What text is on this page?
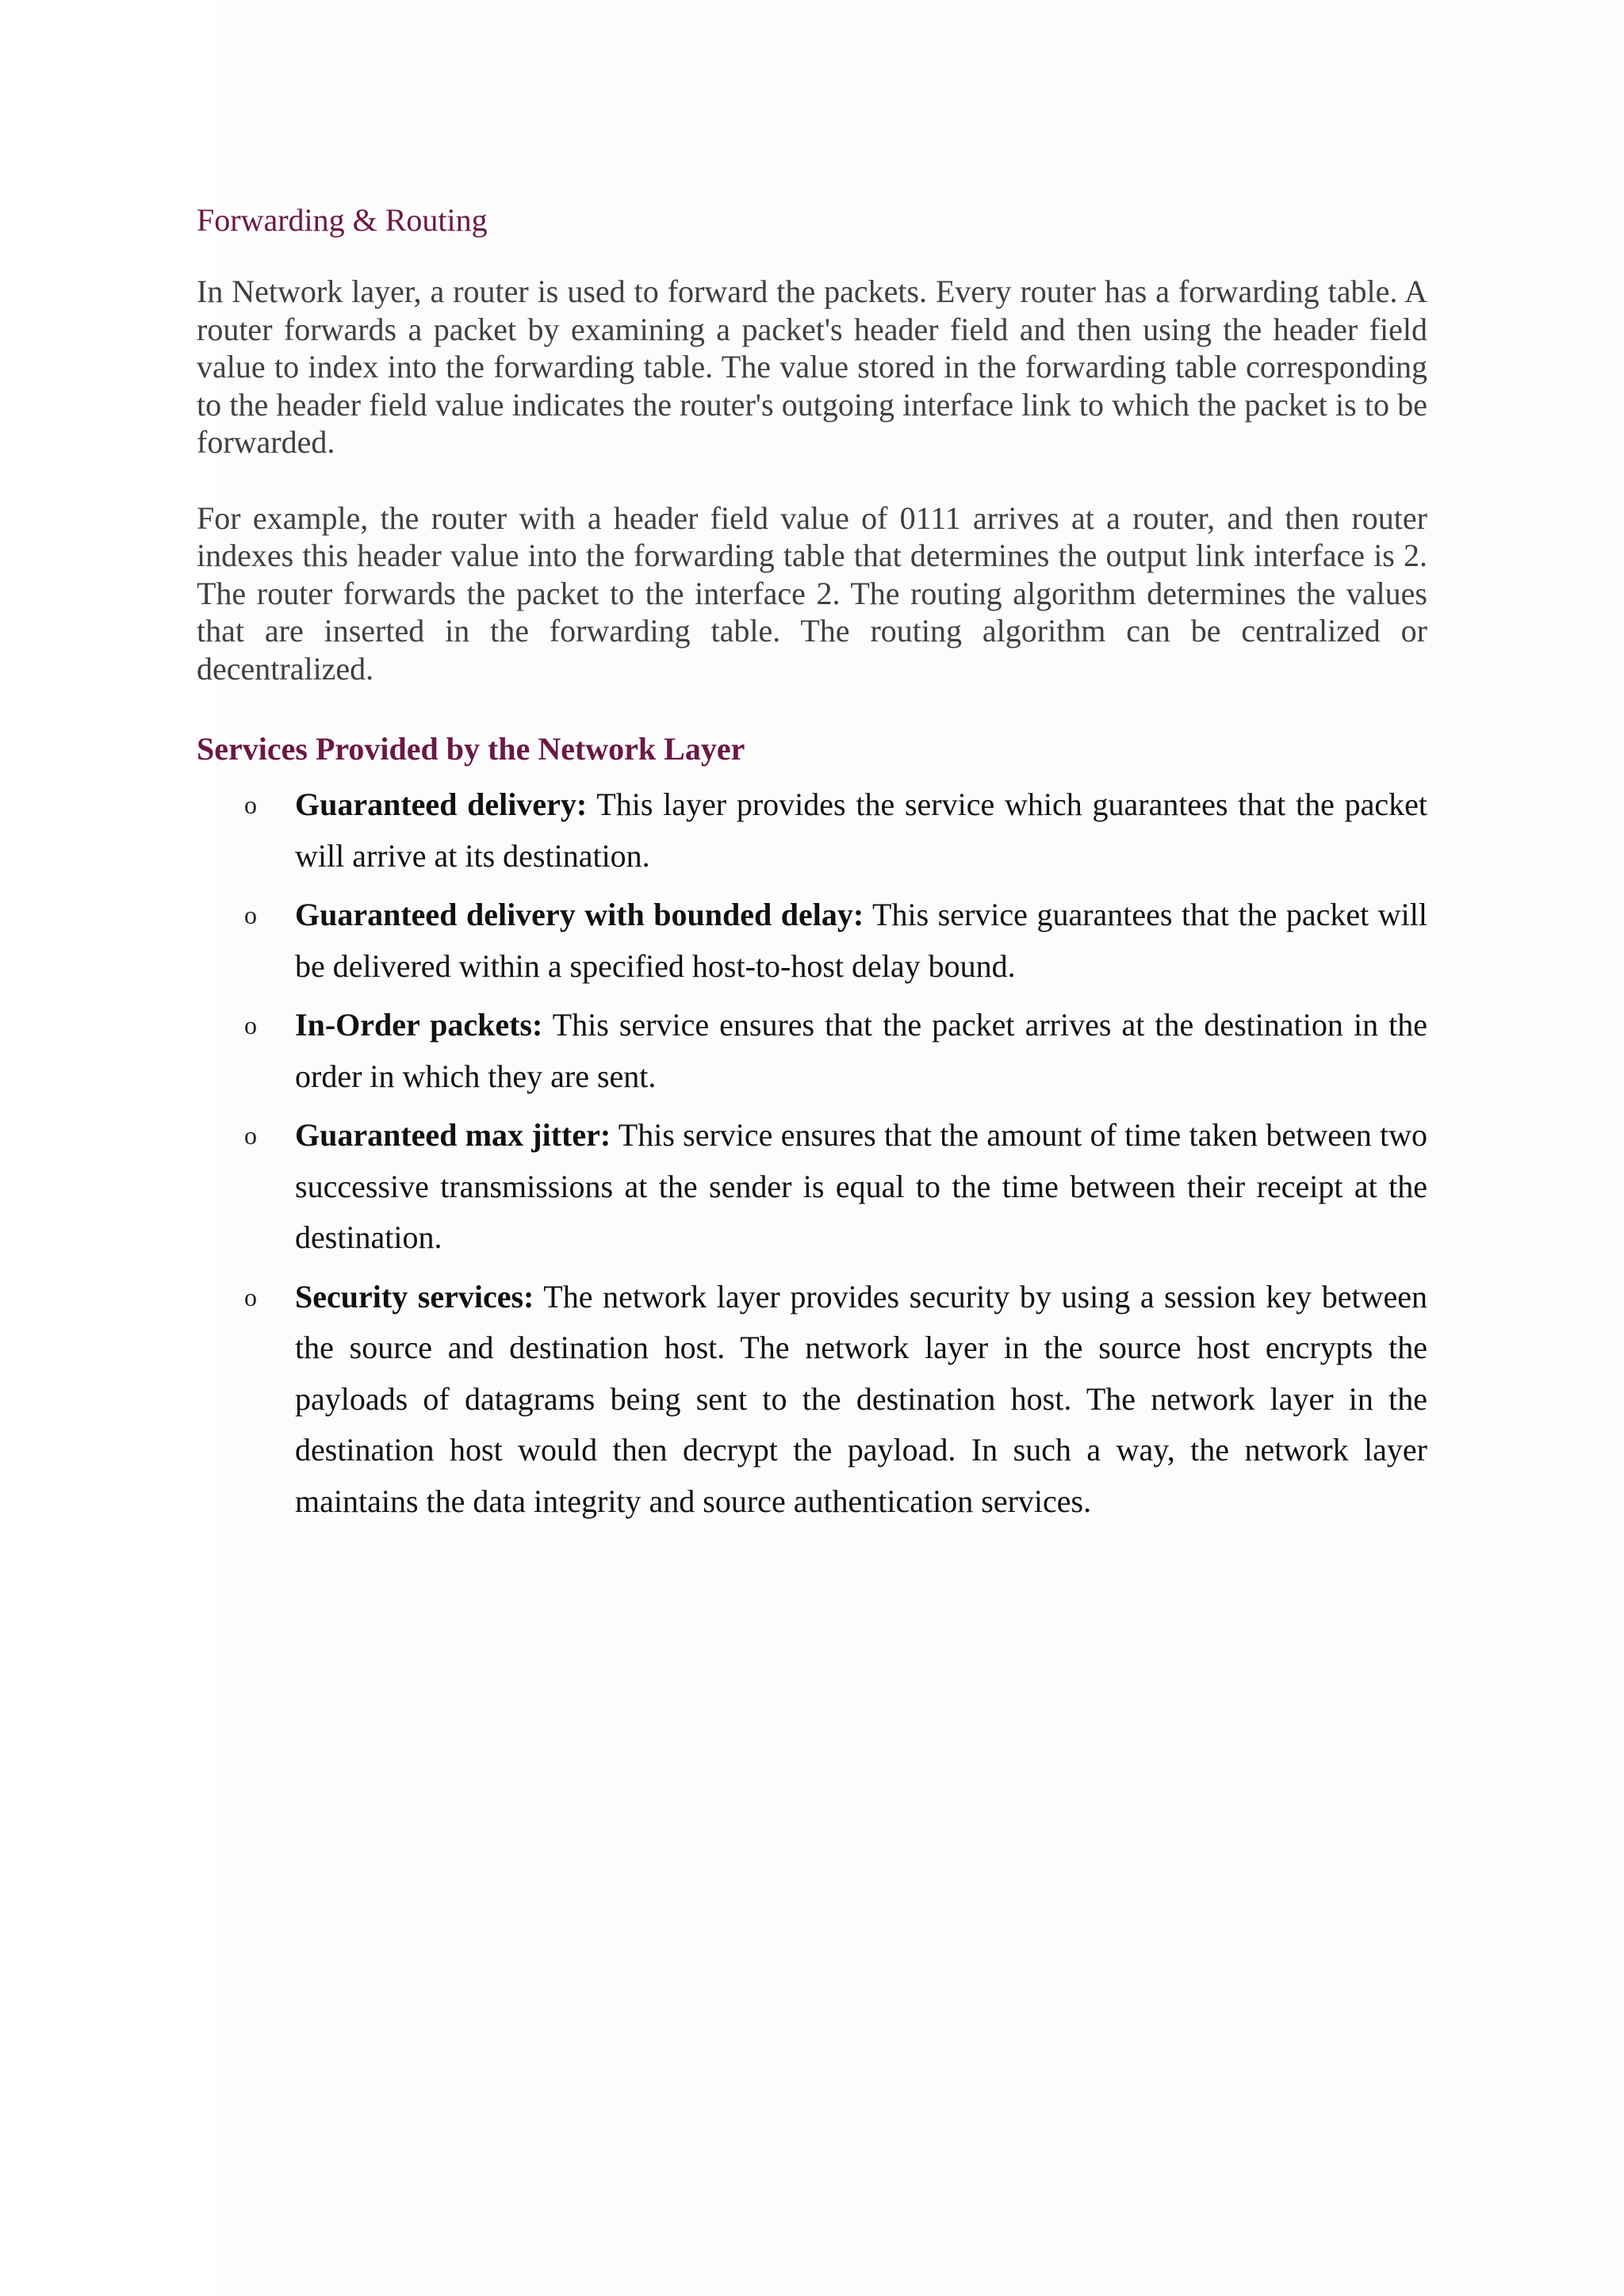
Forwarding & Routing

In Network layer, a router is used to forward the packets. Every router has a forwarding table. A router forwards a packet by examining a packet's header field and then using the header field value to index into the forwarding table. The value stored in the forwarding table corresponding to the header field value indicates the router's outgoing interface link to which the packet is to be forwarded.

For example, the router with a header field value of 0111 arrives at a router, and then router indexes this header value into the forwarding table that determines the output link interface is 2. The router forwards the packet to the interface 2. The routing algorithm determines the values that are inserted in the forwarding table. The routing algorithm can be centralized or decentralized.

Services Provided by the Network Layer
o Guaranteed delivery: This layer provides the service which guarantees that the packet will arrive at its destination.
o Guaranteed delivery with bounded delay: This service guarantees that the packet will be delivered within a specified host-to-host delay bound.
o In-Order packets: This service ensures that the packet arrives at the destination in the order in which they are sent.
o Guaranteed max jitter: This service ensures that the amount of time taken between two successive transmissions at the sender is equal to the time between their receipt at the destination.
o Security services: The network layer provides security by using a session key between the source and destination host. The network layer in the source host encrypts the payloads of datagrams being sent to the destination host. The network layer in the destination host would then decrypt the payload. In such a way, the network layer maintains the data integrity and source authentication services.
